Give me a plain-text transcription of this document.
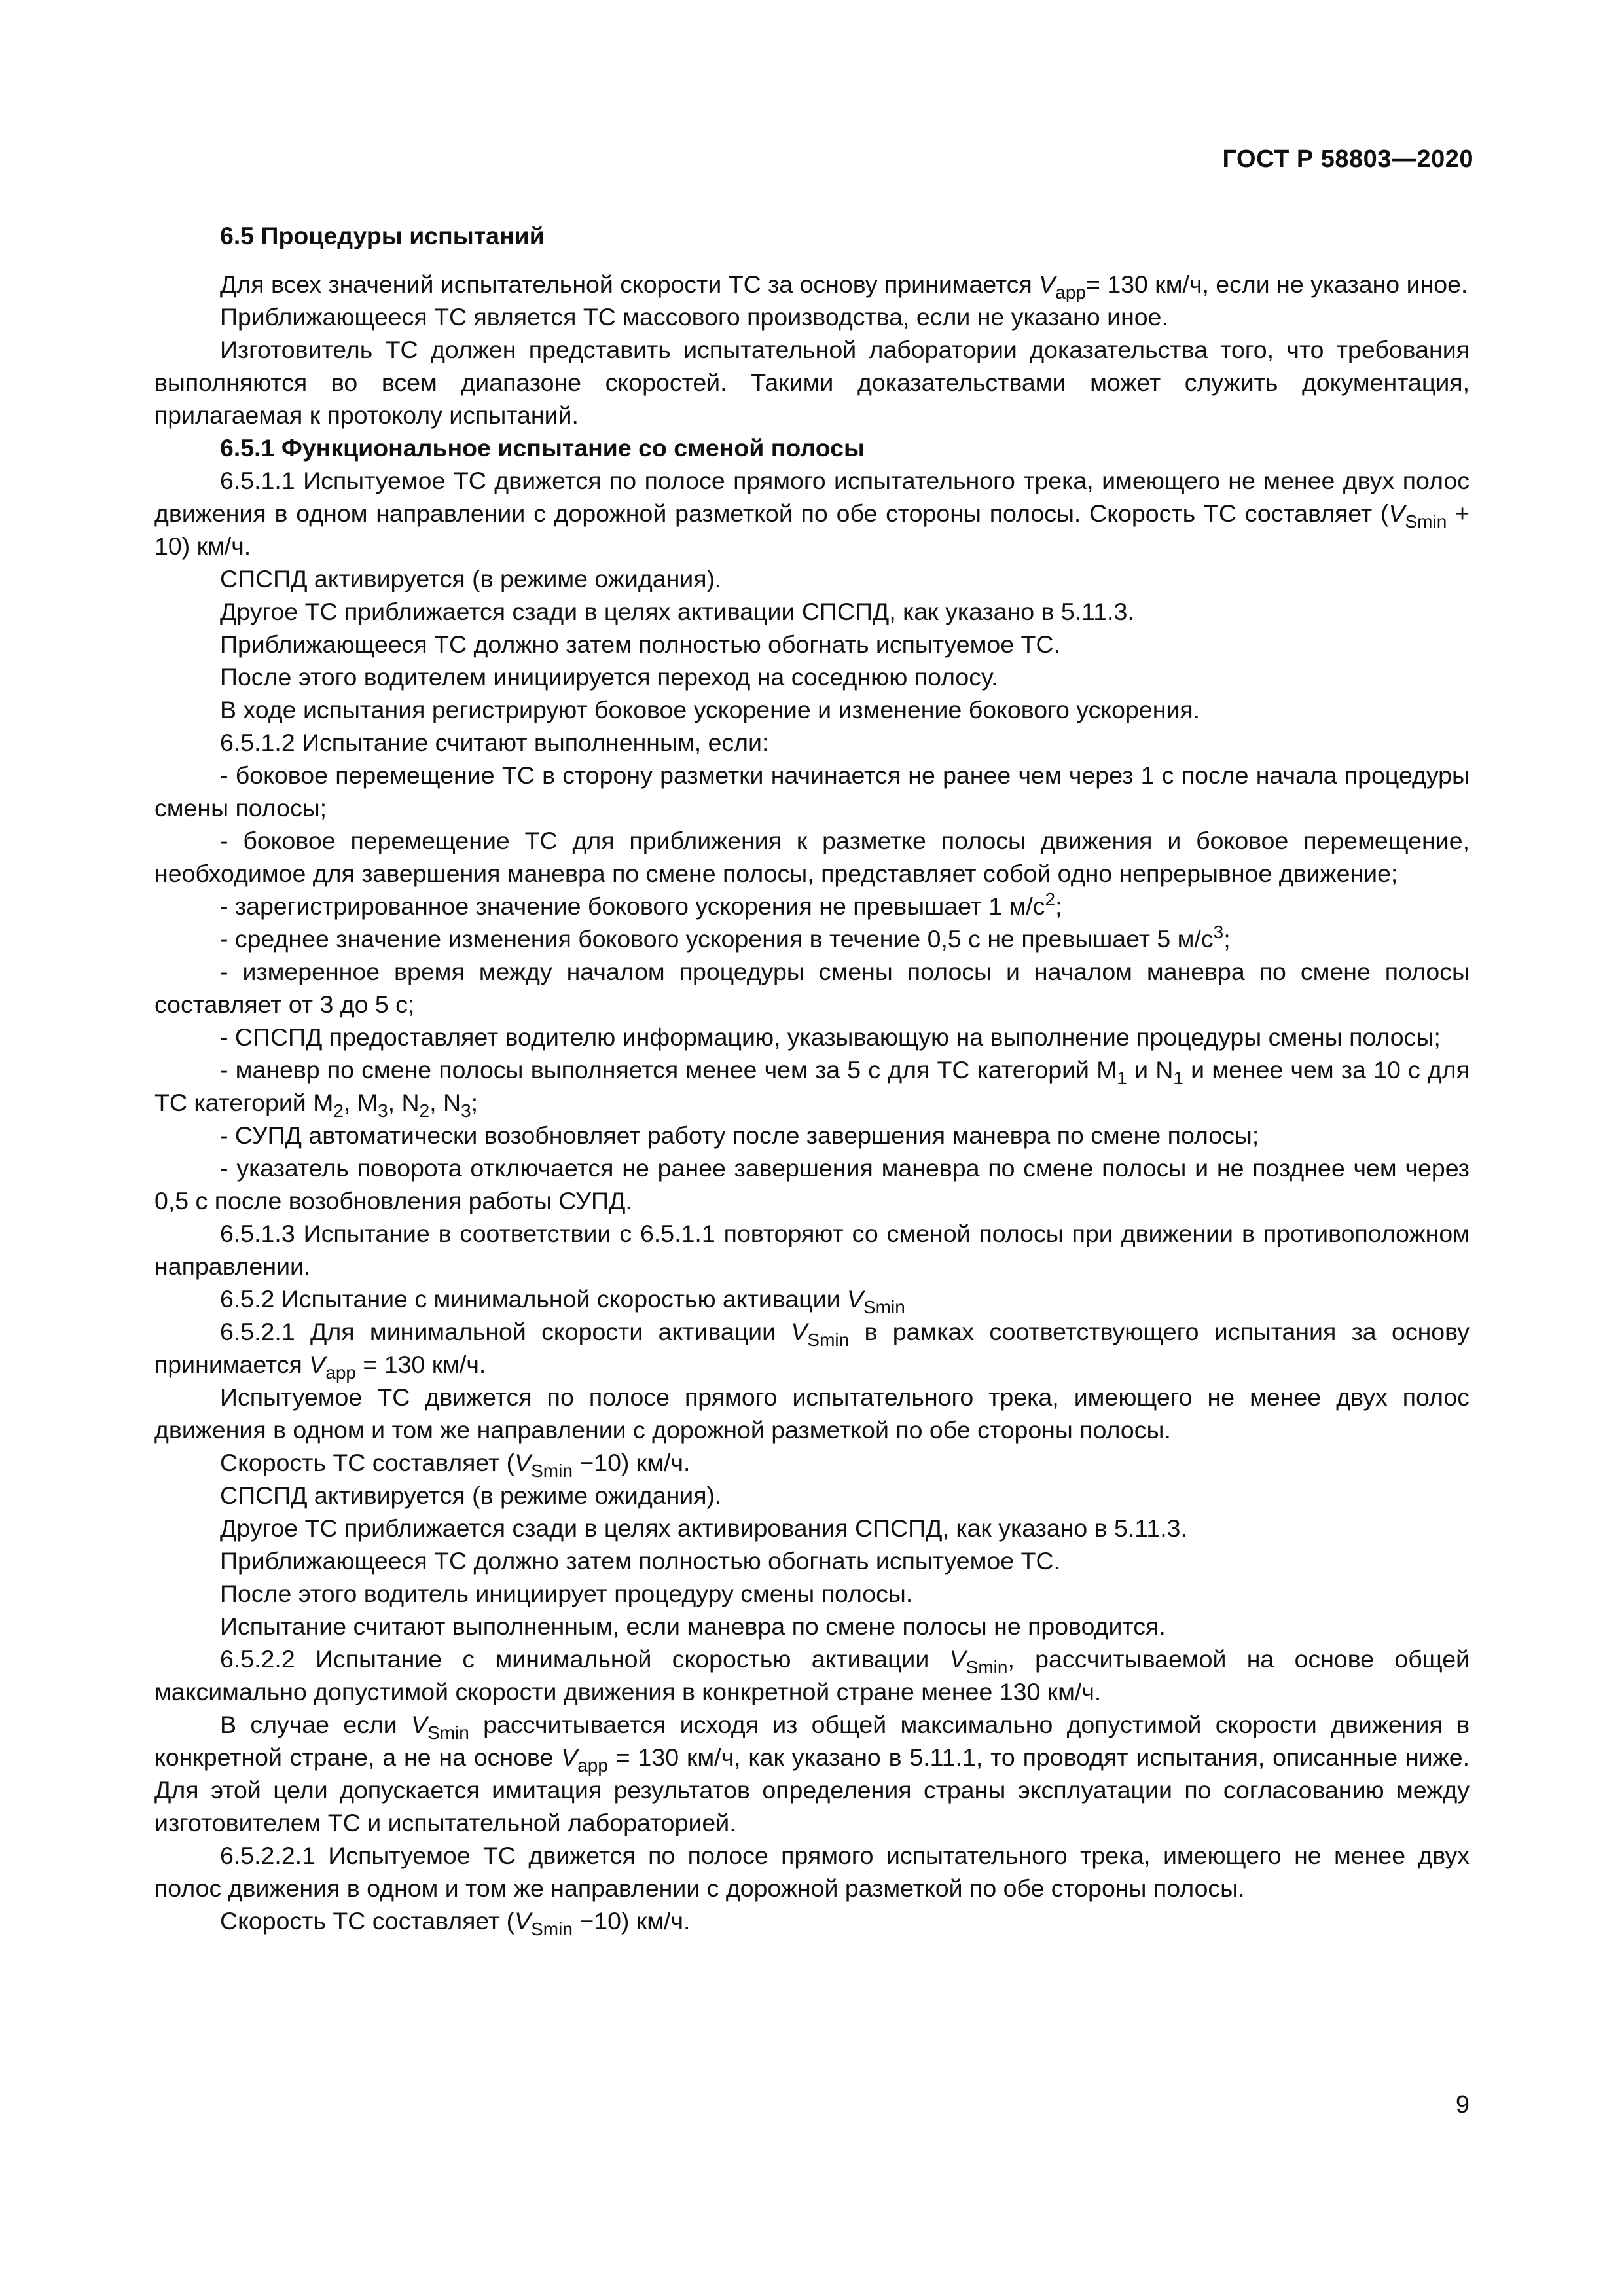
ГОСТ Р 58803—2020

6.5 Процедуры испытаний

Для всех значений испытательной скорости ТС за основу принимается $V_{app}= 130$ км/ч, если не указано иное.

Приближающееся ТС является ТС массового производства, если не указано иное.

Изготовитель ТС должен представить испытательной лаборатории доказательства того, что требования выполняются во всем диапазоне скоростей. Такими доказательствами может служить документация, прилагаемая к протоколу испытаний.

6.5.1 Функциональное испытание со сменой полосы

6.5.1.1 Испытуемое ТС движется по полосе прямого испытательного трека, имеющего не менее двух полос движения в одном направлении с дорожной разметкой по обе стороны полосы. Скорость ТС составляет $(V_{Smin} + 10)$ км/ч.

СПСПД активируется (в режиме ожидания).

Другое ТС приближается сзади в целях активации СПСПД, как указано в 5.11.3.

Приближающееся ТС должно затем полностью обогнать испытуемое ТС.

После этого водителем инициируется переход на соседнюю полосу.

В ходе испытания регистрируют боковое ускорение и изменение бокового ускорения.

6.5.1.2 Испытание считают выполненным, если:

- боковое перемещение ТС в сторону разметки начинается не ранее чем через 1 с после начала процедуры смены полосы;

- боковое перемещение ТС для приближения к разметке полосы движения и боковое перемещение, необходимое для завершения маневра по смене полосы, представляет собой одно непрерывное движение;

- зарегистрированное значение бокового ускорения не превышает 1 $м/с^2$;

- среднее значение изменения бокового ускорения в течение 0,5 с не превышает 5 $м/с^3$;

- измеренное время между началом процедуры смены полосы и началом маневра по смене полосы составляет от 3 до 5 с;

- СПСПД предоставляет водителю информацию, указывающую на выполнение процедуры смены полосы;

- маневр по смене полосы выполняется менее чем за 5 с для ТС категорий $M_1$ и $N_1$ и менее чем за 10 с для ТС категорий $M_2$, $M_3$, $N_2$, $N_3$;

- СУПД автоматически возобновляет работу после завершения маневра по смене полосы;

- указатель поворота отключается не ранее завершения маневра по смене полосы и не позднее чем через 0,5 с после возобновления работы СУПД.

6.5.1.3 Испытание в соответствии с 6.5.1.1 повторяют со сменой полосы при движении в противоположном направлении.

6.5.2 Испытание с минимальной скоростью активации $V_{Smin}$

6.5.2.1 Для минимальной скорости активации $V_{Smin}$ в рамках соответствующего испытания за основу принимается $V_{app} = 130$ км/ч.

Испытуемое ТС движется по полосе прямого испытательного трека, имеющего не менее двух полос движения в одном и том же направлении с дорожной разметкой по обе стороны полосы.

Скорость ТС составляет $(V_{Smin} -10)$ км/ч.

СПСПД активируется (в режиме ожидания).

Другое ТС приближается сзади в целях активирования СПСПД, как указано в 5.11.3.

Приближающееся ТС должно затем полностью обогнать испытуемое ТС.

После этого водитель инициирует процедуру смены полосы.

Испытание считают выполненным, если маневра по смене полосы не проводится.

6.5.2.2 Испытание с минимальной скоростью активации $V_{Smin}$, рассчитываемой на основе общей максимально допустимой скорости движения в конкретной стране менее 130 км/ч.

В случае если $V_{Smin}$ рассчитывается исходя из общей максимально допустимой скорости движения в конкретной стране, а не на основе $V_{app} = 130$ км/ч, как указано в 5.11.1, то проводят испытания, описанные ниже. Для этой цели допускается имитация результатов определения страны эксплуатации по согласованию между изготовителем ТС и испытательной лабораторией.

6.5.2.2.1 Испытуемое ТС движется по полосе прямого испытательного трека, имеющего не менее двух полос движения в одном и том же направлении с дорожной разметкой по обе стороны полосы.

Скорость ТС составляет $(V_{Smin} -10)$ км/ч.

9
